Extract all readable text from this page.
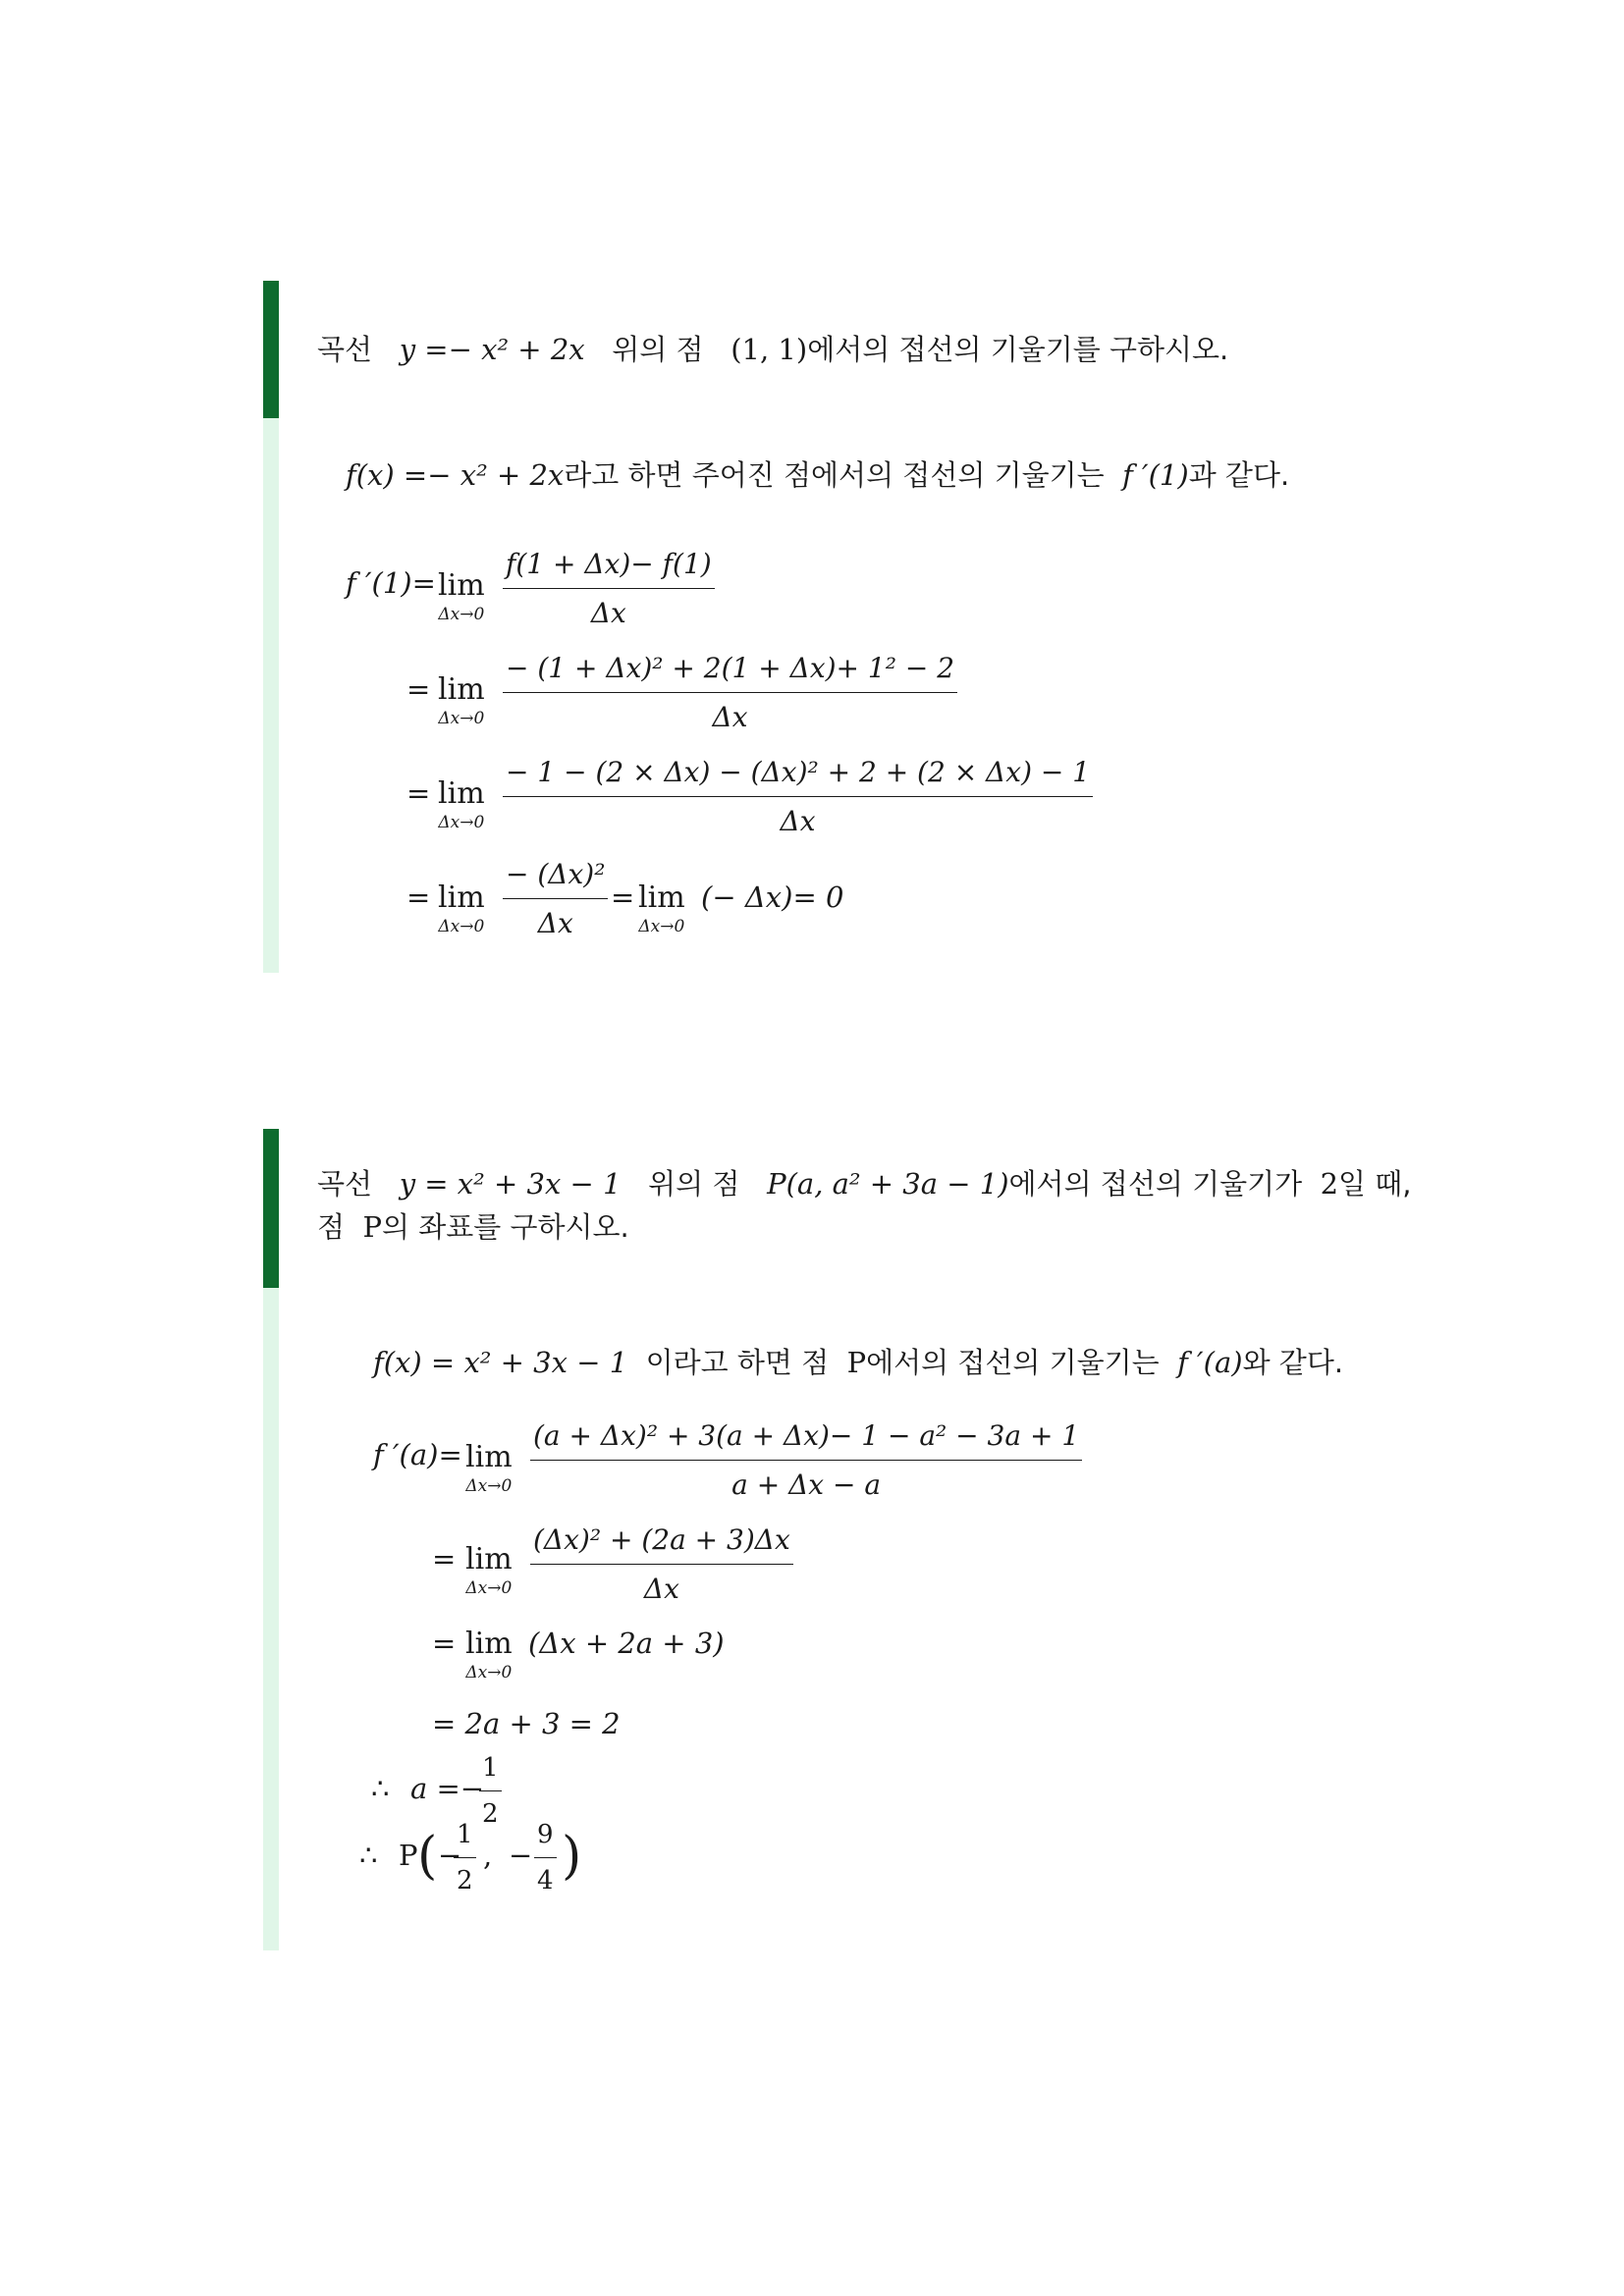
곡선 y =− x² + 2x 위의 점 (1, 1)에서의 접선의 기울기를 구하시오.
f(x) =− x² + 2x라고 하면 주어진 점에서의 접선의 기울기는 f ′(1)과 같다.
f ′(1)= lim
$\Delta x\to 0 \frac{f(1 + \Delta x)- f(1)}{\Delta x}$
= lim
$\Delta x\to 0 \frac{\text{− (1 + Δx)² + 2(1 + Δx)+ 1² − 2}}{\Delta x}$
= lim
$\Delta x\to 0 \frac{\text{− 1 − (2 × Δx) − (Δx)² + 2 + (2 × Δx) − 1}}{\Delta x}$
= lim
$\Delta x\to 0 \frac{\text{− (Δx)²}}{\Delta x} = \lim$
Δx→0
(− Δx)= 0
곡선 y = x² + 3x − 1 위의 점 P(a, a² + 3a − 1)에서의 접선의 기울기가 2일 때,
점 P의 좌표를 구하시오.
f(x) = x² + 3x − 1 이라고 하면 점 P에서의 접선의 기울기는 f ′(a)와 같다.
f ′(a)= lim
$\Delta x\to 0 \frac{\text{(a + Δx)² + 3(a + Δx)− 1 − a² − 3a + 1}}{a + \Delta x - a}$
= lim
$\Delta x\to 0 \frac{\text{(Δx)² + (2a + 3)Δx}}{\Delta x}$
= lim
Δx→0
(Δx + 2a + 3)
= 2a + 3 = 2
∴ a =−
$\frac{1}{2}$
∴ P ( −
$\frac{1}{2}$ , − $\frac{9}{4}$ )
